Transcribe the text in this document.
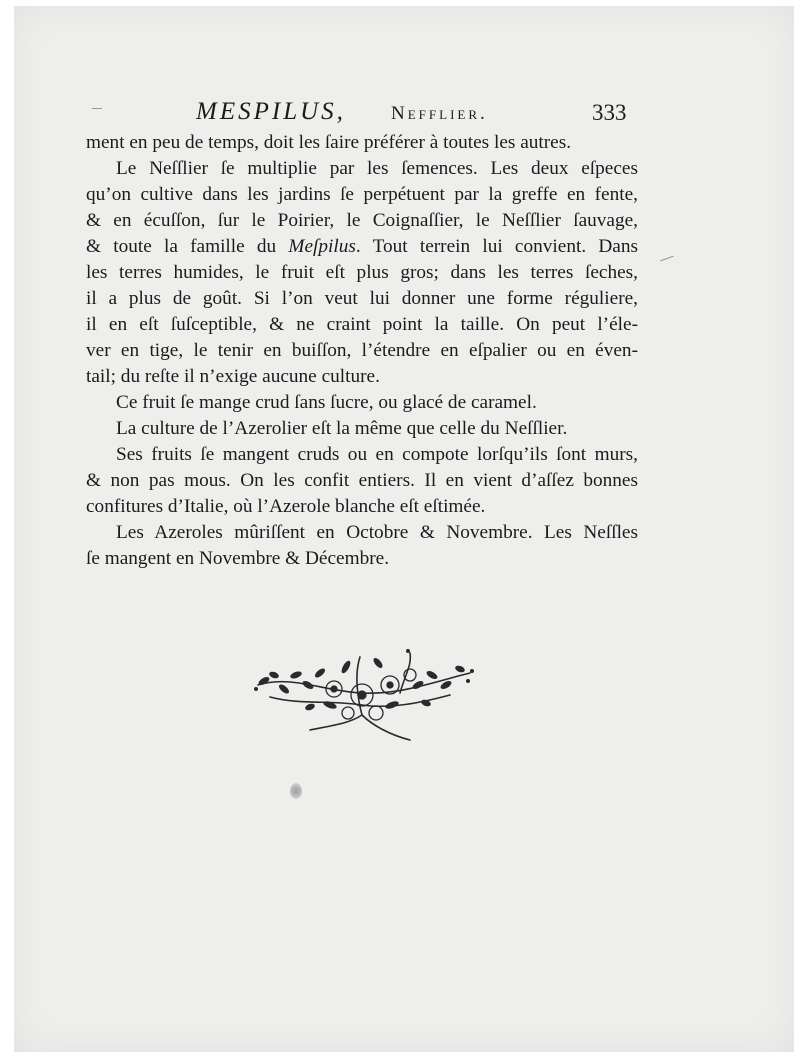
MESPILUS, Nefflier.	333
ment en peu de temps, doit les ſaire préférer à toutes les autres.
Le Neſſlier ſe multiplie par les ſemences. Les deux eſpeces
qu’on cultive dans les jardins ſe perpétuent par la greffe en fente,
& en écuſſon, ſur le Poirier, le Coignaſſier, le Neſſlier ſauvage,
& toute la famille du Meſpilus. Tout terrein lui convient. Dans
les terres humides, le fruit eſt plus gros; dans les terres ſeches,
il a plus de goût. Si l’on veut lui donner une forme réguliere,
il en eſt ſuſceptible, & ne craint point la taille. On peut l’éle-
ver en tige, le tenir en buiſſon, l’étendre en eſpalier ou en éven-
tail; du reſte il n’exige aucune culture.
Ce fruit ſe mange crud ſans ſucre, ou glacé de caramel.
La culture de l’Azerolier eſt la même que celle du Neſſlier.
Ses fruits ſe mangent cruds ou en compote lorſqu’ils ſont murs,
& non pas mous. On les confit entiers. Il en vient d’aſſez bonnes
confitures d’Italie, où l’Azerole blanche eſt eſtimée.
Les Azeroles mûriſſent en Octobre & Novembre. Les Neſſles
ſe mangent en Novembre & Décembre.
